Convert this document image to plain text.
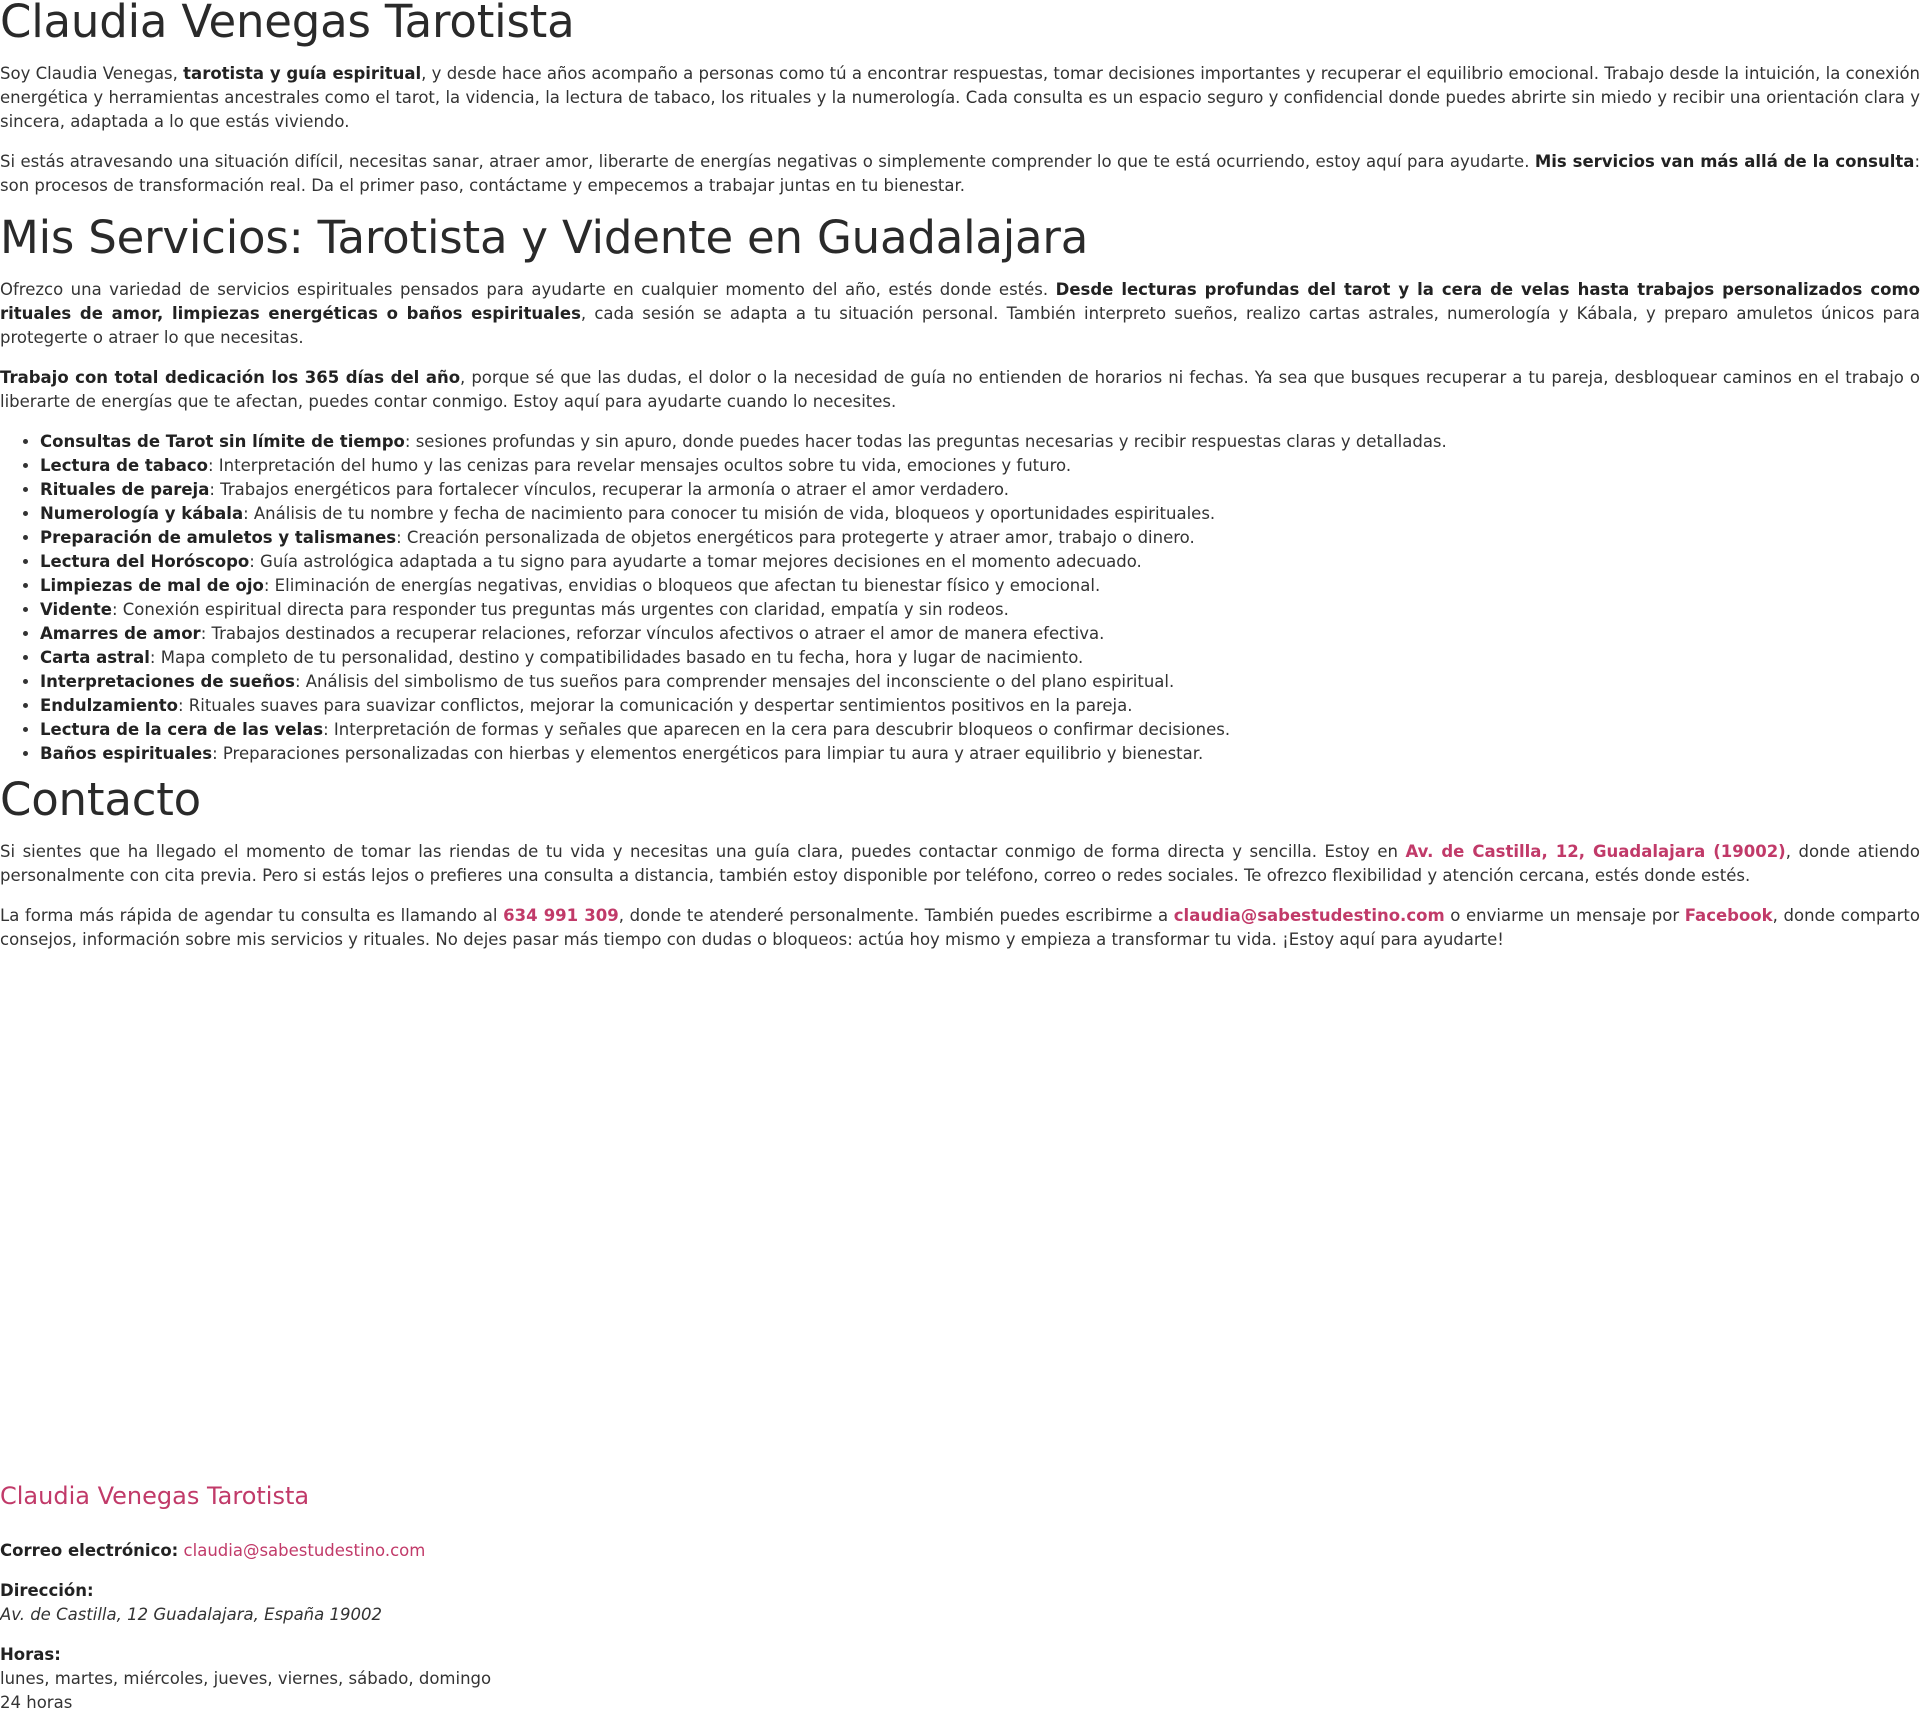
Claudia Venegas Tarotista

Soy Claudia Venegas, tarotista y guía espiritual, y desde hace años acompaño a personas como tú a encontrar respuestas, tomar decisiones importantes y recuperar el equilibrio emocional. Trabajo desde la intuición, la conexión energética y herramientas ancestrales como el tarot, la videncia, la lectura de tabaco, los rituales y la numerología. Cada consulta es un espacio seguro y confidencial donde puedes abrirte sin miedo y recibir una orientación clara y sincera, adaptada a lo que estás viviendo.

Si estás atravesando una situación difícil, necesitas sanar, atraer amor, liberarte de energías negativas o simplemente comprender lo que te está ocurriendo, estoy aquí para ayudarte. Mis servicios van más allá de la consulta: son procesos de transformación real. Da el primer paso, contáctame y empecemos a trabajar juntas en tu bienestar.

Mis Servicios: Tarotista y Vidente en Guadalajara

Ofrezco una variedad de servicios espirituales pensados para ayudarte en cualquier momento del año, estés donde estés. Desde lecturas profundas del tarot y la cera de velas hasta trabajos personalizados como rituales de amor, limpiezas energéticas o baños espirituales, cada sesión se adapta a tu situación personal. También interpreto sueños, realizo cartas astrales, numerología y Kábala, y preparo amuletos únicos para protegerte o atraer lo que necesitas.

Trabajo con total dedicación los 365 días del año, porque sé que las dudas, el dolor o la necesidad de guía no entienden de horarios ni fechas. Ya sea que busques recuperar a tu pareja, desbloquear caminos en el trabajo o liberarte de energías que te afectan, puedes contar conmigo. Estoy aquí para ayudarte cuando lo necesites.

• Consultas de Tarot sin límite de tiempo: sesiones profundas y sin apuro, donde puedes hacer todas las preguntas necesarias y recibir respuestas claras y detalladas.
• Lectura de tabaco: Interpretación del humo y las cenizas para revelar mensajes ocultos sobre tu vida, emociones y futuro.
• Rituales de pareja: Trabajos energéticos para fortalecer vínculos, recuperar la armonía o atraer el amor verdadero.
• Numerología y kábala: Análisis de tu nombre y fecha de nacimiento para conocer tu misión de vida, bloqueos y oportunidades espirituales.
• Preparación de amuletos y talismanes: Creación personalizada de objetos energéticos para protegerte y atraer amor, trabajo o dinero.
• Lectura del Horóscopo: Guía astrológica adaptada a tu signo para ayudarte a tomar mejores decisiones en el momento adecuado.
• Limpiezas de mal de ojo: Eliminación de energías negativas, envidias o bloqueos que afectan tu bienestar físico y emocional.
• Vidente: Conexión espiritual directa para responder tus preguntas más urgentes con claridad, empatía y sin rodeos.
• Amarres de amor: Trabajos destinados a recuperar relaciones, reforzar vínculos afectivos o atraer el amor de manera efectiva.
• Carta astral: Mapa completo de tu personalidad, destino y compatibilidades basado en tu fecha, hora y lugar de nacimiento.
• Interpretaciones de sueños: Análisis del simbolismo de tus sueños para comprender mensajes del inconsciente o del plano espiritual.
• Endulzamiento: Rituales suaves para suavizar conflictos, mejorar la comunicación y despertar sentimientos positivos en la pareja.
• Lectura de la cera de las velas: Interpretación de formas y señales que aparecen en la cera para descubrir bloqueos o confirmar decisiones.
• Baños espirituales: Preparaciones personalizadas con hierbas y elementos energéticos para limpiar tu aura y atraer equilibrio y bienestar.
Contacto

Si sientes que ha llegado el momento de tomar las riendas de tu vida y necesitas una guía clara, puedes contactar conmigo de forma directa y sencilla. Estoy en Av. de Castilla, 12, Guadalajara (19002), donde atiendo personalmente con cita previa. Pero si estás lejos o prefieres una consulta a distancia, también estoy disponible por teléfono, correo o redes sociales. Te ofrezco flexibilidad y atención cercana, estés donde estés.

La forma más rápida de agendar tu consulta es llamando al 634 991 309, donde te atenderé personalmente. También puedes escribirme a claudia@sabestudestino.com o enviarme un mensaje por Facebook, donde comparto consejos, información sobre mis servicios y rituales. No dejes pasar más tiempo con dudas o bloqueos: actúa hoy mismo y empieza a transformar tu vida. ¡Estoy aquí para ayudarte!

Claudia Venegas Tarotista

Correo electrónico: claudia@sabestudestino.com

Dirección:
Av. de Castilla, 12 Guadalajara, España 19002

Horas:
lunes, martes, miércoles, jueves, viernes, sábado, domingo
24 horas
